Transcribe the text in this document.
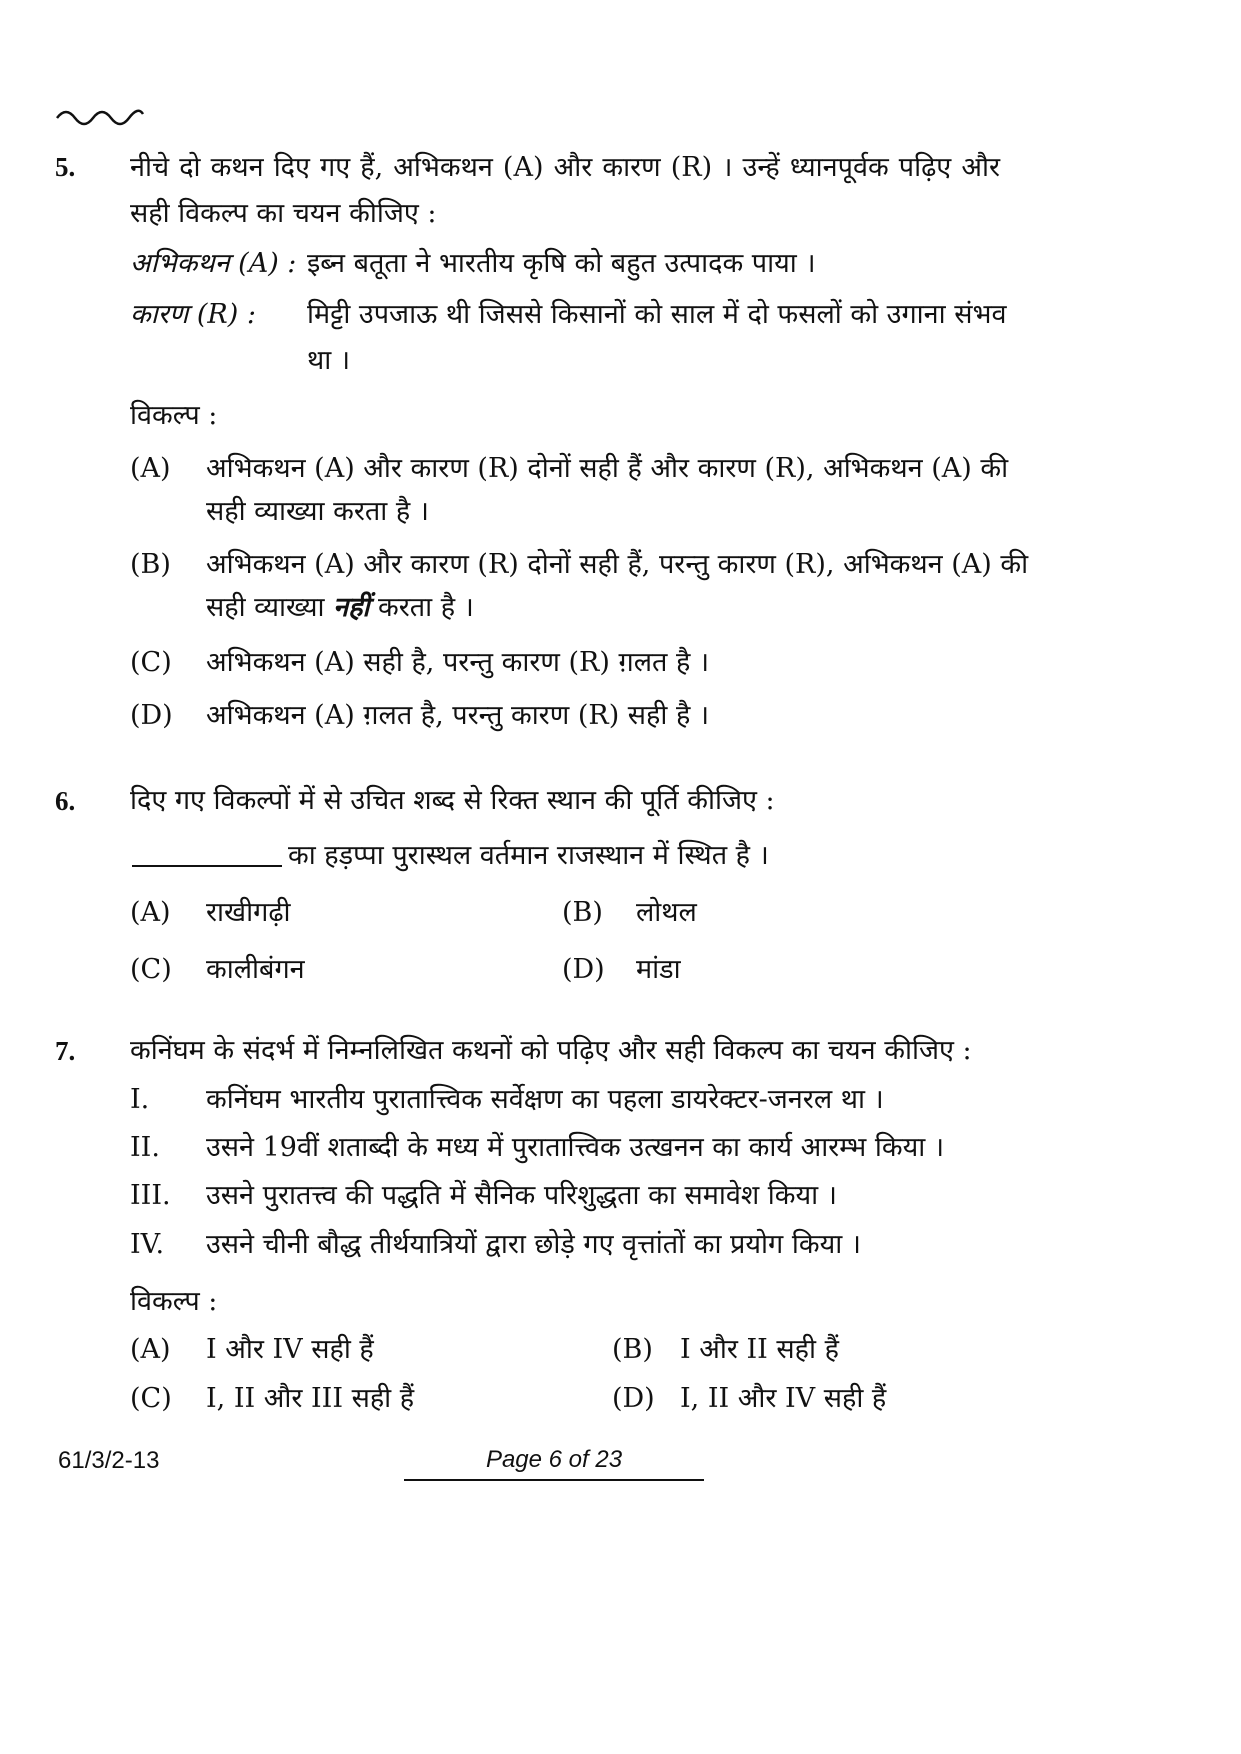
5. नीचे दो कथन दिए गए हैं, अभिकथन (A) और कारण (R) । उन्हें ध्यानपूर्वक पढ़िए और
सही विकल्प का चयन कीजिए :
अभिकथन (A) : इब्न बतूता ने भारतीय कृषि को बहुत उत्पादक पाया ।
कारण (R) : मिट्टी उपजाऊ थी जिससे किसानों को साल में दो फसलों को उगाना संभव
था ।
विकल्प :
(A) अभिकथन (A) और कारण (R) दोनों सही हैं और कारण (R), अभिकथन (A) की
सही व्याख्या करता है ।
(B) अभिकथन (A) और कारण (R) दोनों सही हैं, परन्तु कारण (R), अभिकथन (A) की
सही व्याख्या नहीं करता है ।
(C) अभिकथन (A) सही है, परन्तु कारण (R) ग़लत है ।
(D) अभिकथन (A) ग़लत है, परन्तु कारण (R) सही है ।
6. दिए गए विकल्पों में से उचित शब्द से रिक्त स्थान की पूर्ति कीजिए :
का हड़प्पा पुरास्थल वर्तमान राजस्थान में स्थित है ।
(A) राखीगढ़ी	(B) लोथल
(C) कालीबंगन	(D) मांडा
7. कनिंघम के संदर्भ में निम्नलिखित कथनों को पढ़िए और सही विकल्प का चयन कीजिए :
I. कनिंघम भारतीय पुरातात्त्विक सर्वेक्षण का पहला डायरेक्टर-जनरल था ।
II. उसने 19वीं शताब्दी के मध्य में पुरातात्त्विक उत्खनन का कार्य आरम्भ किया ।
III. उसने पुरातत्त्व की पद्धति में सैनिक परिशुद्धता का समावेश किया ।
IV. उसने चीनी बौद्ध तीर्थयात्रियों द्वारा छोड़े गए वृत्तांतों का प्रयोग किया ।
विकल्प :
(A) I और IV सही हैं	(B) I और II सही हैं
(C) I, II और III सही हैं	(D) I, II और IV सही हैं
61/3/2-13	Page 6 of 23
